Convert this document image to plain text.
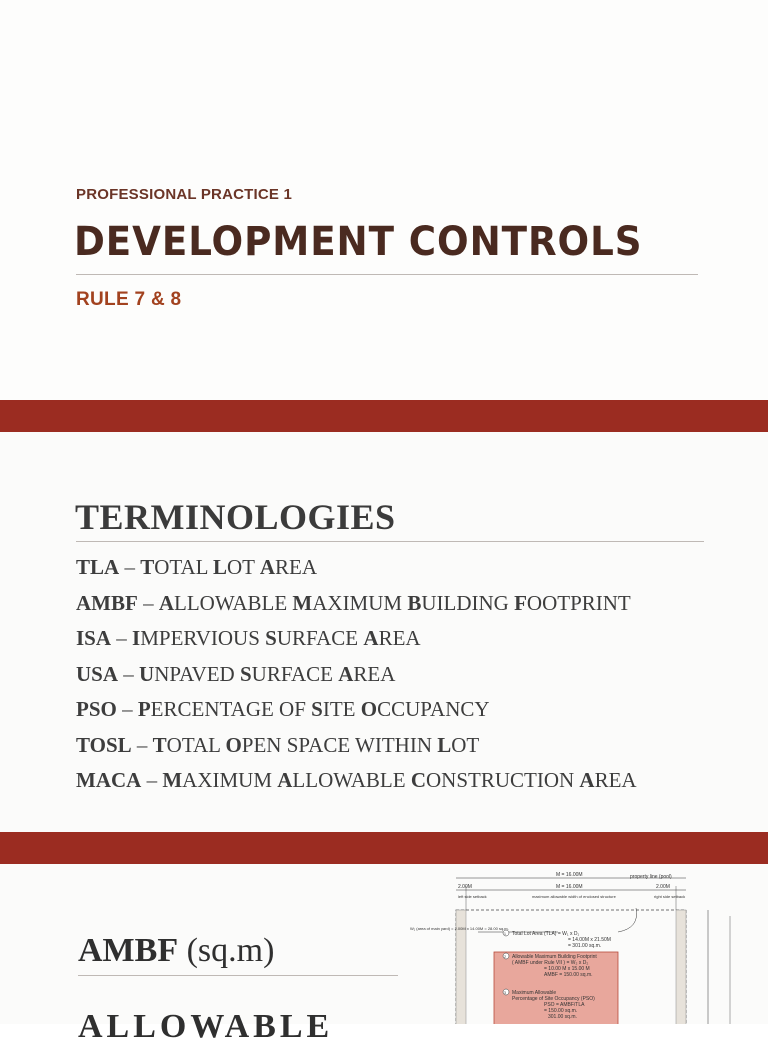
PROFESSIONAL PRACTICE 1
DEVELOPMENT CONTROLS
RULE 7 & 8
TERMINOLOGIES
TLA – TOTAL LOT AREA
AMBF – ALLOWABLE MAXIMUM BUILDING FOOTPRINT
ISA – IMPERVIOUS SURFACE AREA
USA – UNPAVED SURFACE AREA
PSO – PERCENTAGE OF SITE OCCUPANCY
TOSL – TOTAL OPEN SPACE WITHIN LOT
MACA – MAXIMUM ALLOWABLE CONSTRUCTION AREA
AMBF (sq.m)
ALLOWABLE
M = 16.00M
2.00M	M = 16.00M	2.00M
property line (pool)
left side setback	maximum allowable width of enclosed structure	right side setback
1
2
3
Total Lot Area (TLA) = W₁ x D₁
= 14.00M x 21.50M
= 301.00 sq.m.
Allowable Maximum Building Footprint
( AMBF under Rule VII ) = W₂ x D₂
= 10.00 M x 15.00 M
AMBF = 150.00 sq.m.
Maximum Allowable
Percentage of Site Occupancy (PSO)
PSO = AMBF/TLA
= 150.00 sq.m.
301.00 sq.m.
W₁ (area of main yard) = 2.00M x 14.00M = 28.00 sq.m.
